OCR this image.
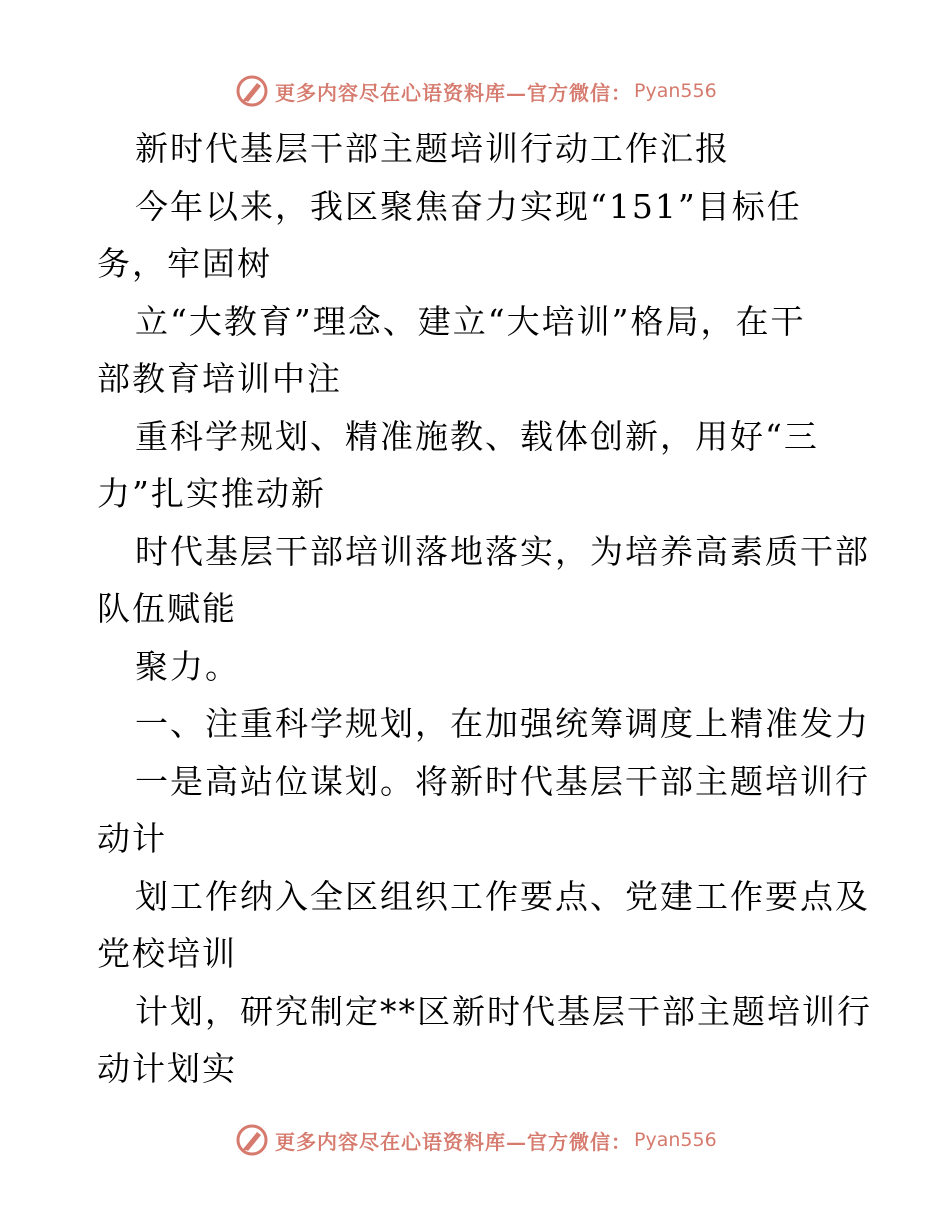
更多内容尽在心语资料库—官方微信： Pyan556
新时代基层干部主题培训行动工作汇报
今年以来，我区聚焦奋力实现“151”目标任
务，牢固树
立“大教育”理念、建立“大培训”格局，在干
部教育培训中注
重科学规划、精准施教、载体创新，用好“三
力”扎实推动新
时代基层干部培训落地落实，为培养高素质干部
队伍赋能
聚力。
一、注重科学规划，在加强统筹调度上精准发力
一是高站位谋划。将新时代基层干部主题培训行
动计
划工作纳入全区组织工作要点、党建工作要点及
党校培训
计划，研究制定**区新时代基层干部主题培训行
动计划实
更多内容尽在心语资料库—官方微信： Pyan556
